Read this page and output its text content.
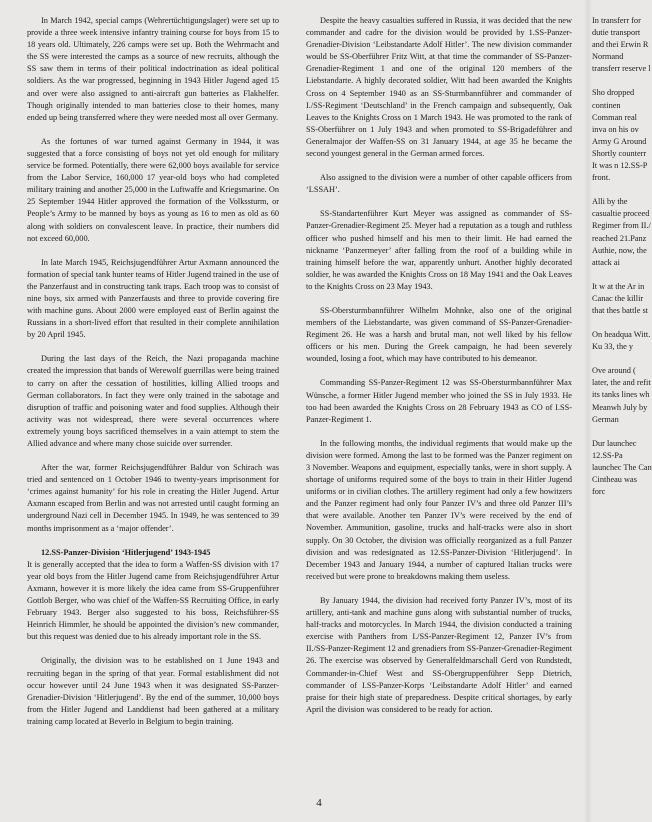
In March 1942, special camps (Wehrertüchtigungslager) were set up to provide a three week intensive infantry training course for boys from 15 to 18 years old. Ultimately, 226 camps were set up. Both the Wehrmacht and the SS were interested the camps as a source of new recruits, although the SS saw them in terms of their political indoctrination as ideal political soldiers. As the war progressed, beginning in 1943 Hitler Jugend aged 15 and over were also assigned to anti-aircraft gun batteries as Flakhelfer. Though originally intended to man batteries close to their homes, many ended up being transferred where they were needed most all over Germany.

As the fortunes of war turned against Germany in 1944, it was suggested that a force consisting of boys not yet old enough for military service be formed. Potentially, there were 62,000 boys available for service from the Labor Service, 160,000 17 year-old boys who had completed military training and another 25,000 in the Luftwaffe and Kriegsmarine. On 25 September 1944 Hitler approved the formation of the Volkssturm, or People’s Army to be manned by boys as young as 16 to men as old as 60 along with soldiers on convalescent leave. In practice, their numbers did not exceed 60,000.

In late March 1945, Reichsjugendführer Artur Axmann announced the formation of special tank hunter teams of Hitler Jugend trained in the use of the Panzerfaust and in constructing tank traps. Each troop was to consist of nine boys, six armed with Panzerfausts and three to provide covering fire with machine guns. About 2000 were employed east of Berlin against the Russians in a short-lived effort that resulted in their complete annihilation by 20 April 1945.

During the last days of the Reich, the Nazi propaganda machine created the impression that bands of Werewolf guerrillas were being trained to carry on after the cessation of hostilities, killing Allied troops and German collaborators. In fact they were only trained in the sabotage and disruption of traffic and poisoning water and food supplies. Although their activity was not widespread, there were several occurrences where extremely young boys sacrificed themselves in a vain attempt to stem the Allied advance and where many chose suicide over surrender.

After the war, former Reichsjugendführer Baldur von Schirach was tried and sentenced on 1 October 1946 to twenty-years imprisonment for ‘crimes against humanity’ for his role in creating the Hitler Jugend. Artur Axmann escaped from Berlin and was not arrested until caught forming an underground Nazi cell in December 1945. In 1949, he was sentenced to 39 months imprisonment as a ‘major offender’.

12.SS-Panzer-Division ‘Hitlerjugend’ 1943-1945

It is generally accepted that the idea to form a Waffen-SS division with 17 year old boys from the Hitler Jugend came from Reichsjugendführer Artur Axmann, however it is more likely the idea came from SS-Gruppenführer Gottlob Berger, who was chief of the Waffen-SS Recruiting Office, in early February 1943. Berger also suggested to his boss, Reichsführer-SS Heinrich Himmler, he should be appointed the division’s new commander, but this request was denied due to his already important role in the SS.

Originally, the division was to be established on 1 June 1943 and recruiting began in the spring of that year. Formal establishment did not occur however until 24 June 1943 when it was designated SS-Panzer-Grenadier-Division ‘Hitlerjugend’. By the end of the summer, 10,000 boys from the Hitler Jugend and Landdienst had been gathered at a military training camp located at Beverlo in Belgium to begin training.

Despite the heavy casualties suffered in Russia, it was decided that the new commander and cadre for the division would be provided by 1.SS-Panzer-Grenadier-Division ‘Leibstandarte Adolf Hitler’. The new division commander would be SS-Oberführer Fritz Witt, at that time the commander of SS-Panzer-Grenadier-Regiment 1 and one of the original 120 members of the Liebstandarte. A highly decorated soldier, Witt had been awarded the Knights Cross on 4 September 1940 as an SS-Sturmbannführer and commander of I./SS-Regiment ‘Deutschland’ in the French campaign and subsequently, Oak Leaves to the Knights Cross on 1 March 1943. He was promoted to the rank of SS-Oberführer on 1 July 1943 and when promoted to SS-Brigadeführer and Generalmajor der Waffen-SS on 31 January 1944, at age 35 he became the second youngest general in the German armed forces.

Also assigned to the division were a number of other capable officers from ‘LSSAH’.

SS-Standartenführer Kurt Meyer was assigned as commander of SS-Panzer-Grenadier-Regiment 25. Meyer had a reputation as a tough and ruthless officer who pushed himself and his men to their limit. He had earned the nickname ‘Panzermeyer’ after falling from the roof of a building while in training himself before the war, apparently unhurt. Another highly decorated soldier, he was awarded the Knights Cross on 18 May 1941 and the Oak Leaves to the Knights Cross on 23 May 1943.

SS-Obersturmbannführer Wilhelm Mohnke, also one of the original members of the Liebstandarte, was given command of SS-Panzer-Grenadier-Regiment 26. He was a harsh and brutal man, not well liked by his fellow officers or his men. During the Greek campaign, he had been severely wounded, losing a foot, which may have contributed to his demeanor.

Commanding SS-Panzer-Regiment 12 was SS-Obersturmbannführer Max Wünsche, a former Hitler Jugend member who joined the SS in July 1933. He too had been awarded the Knights Cross on 28 February 1943 as CO of I.SS-Panzer-Regiment 1.

In the following months, the individual regiments that would make up the division were formed. Among the last to be formed was the Panzer regiment on 3 November. Weapons and equipment, especially tanks, were in short supply. A shortage of uniforms required some of the boys to train in their Hitler Jugend uniforms or in civilian clothes. The artillery regiment had only a few howitzers and the Panzer regiment had only four Panzer IV’s and three old Panzer III’s that were available. Another ten Panzer IV’s were received by the end of November. Ammunition, gasoline, trucks and half-tracks were also in short supply. On 30 October, the division was officially reorganized as a full Panzer division and was redesignated as 12.SS-Panzer-Division ‘Hitlerjugend’. In December 1943 and January 1944, a number of captured Italian trucks were received but were prone to breakdowns making them useless.

By January 1944, the division had received forty Panzer IV’s, most of its artillery, anti-tank and machine guns along with substantial number of trucks, half-tracks and motorcycles. In March 1944, the division conducted a training exercise with Panthers from I./SS-Panzer-Regiment 12, Panzer IV’s from II./SS-Panzer-Regiment 12 and grenadiers from SS-Panzer-Grenadier-Regiment 26. The exercise was observed by Generalfeldmarschall Gerd von Rundstedt, Commander-in-Chief West and SS-Obergruppenführer Sepp Dietrich, commander of I.SS-Panzer-Korps ‘Leibstandarte Adolf Hitler’ and earned praise for their high state of preparedness. Despite critical shortages, by early April the division was considered to be ready for action.

In transferr for dutie transport and thei Erwin R Normand transferr reserve l

Sho dropped continen Comman real inva on his ov Army G Around Shortly counterr It was n 12.SS-P front.

Alli by the casualtie proceed Regimer from II./ reached 21.Panz Authie, now, the attack ai

It w at the Ar in Canac the killir that thes battle st

On headqua Witt. Ku 33, the y

Ove around ( later, the and refit its tanks lines wh Meanwh July by German

Dur launchec 12.SS-Pa launchec The Can Cintheau was forc

4
